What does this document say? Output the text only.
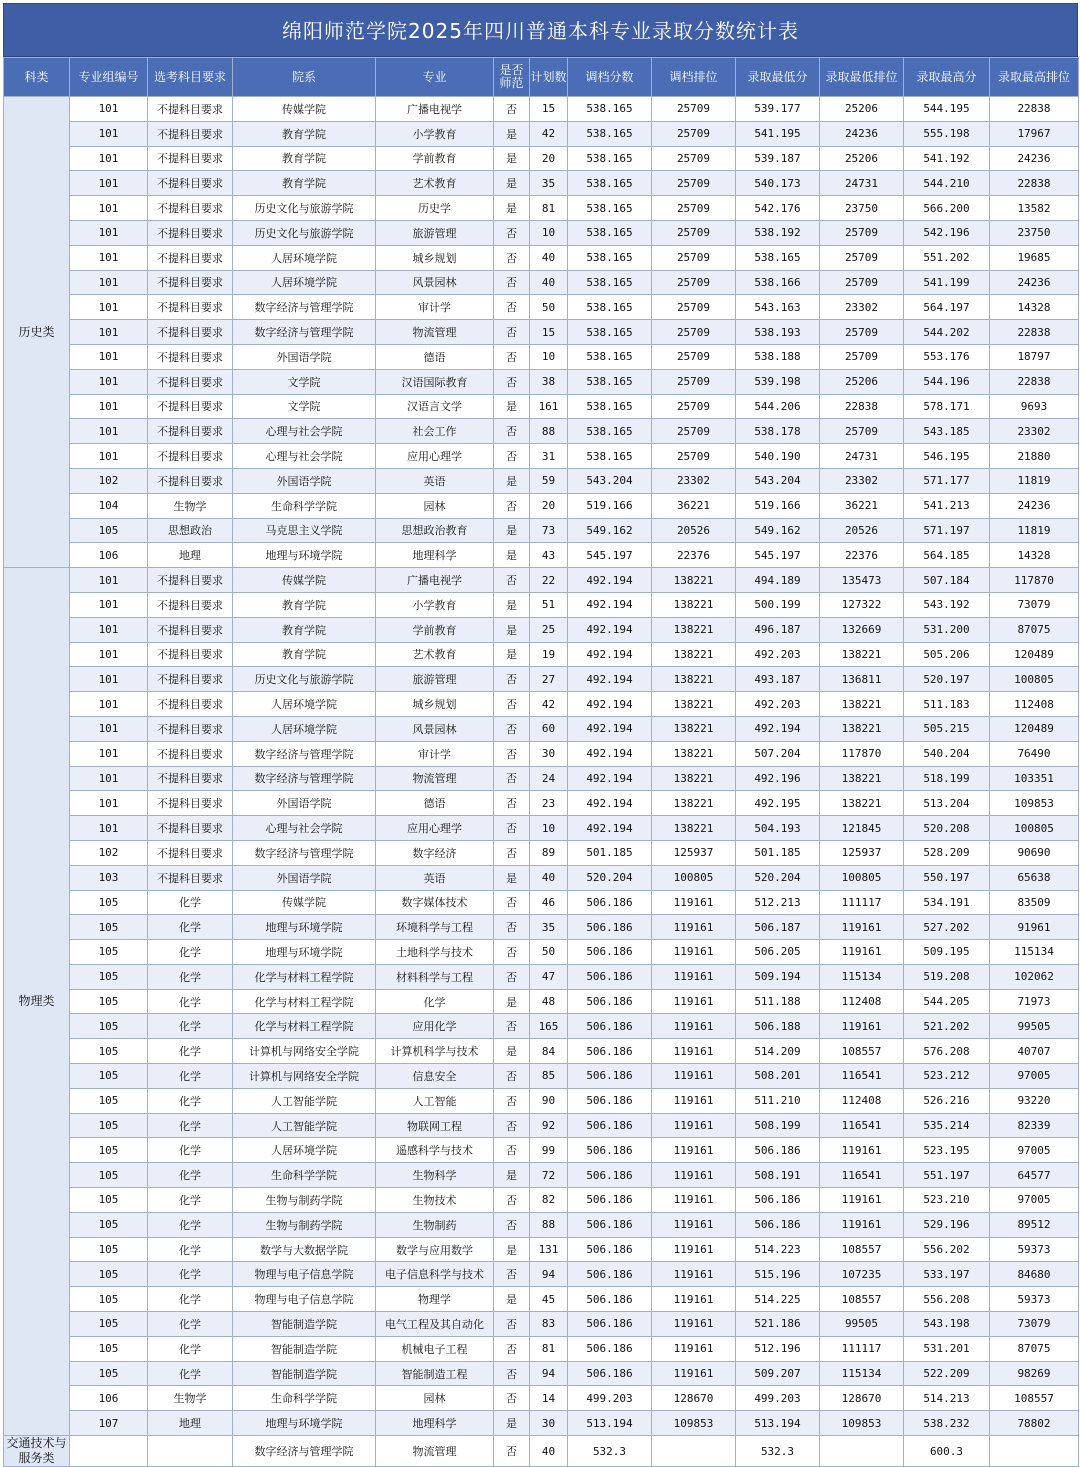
绵阳师范学院2025年四川普通本科专业录取分数统计表
科类	专业组编号	选考科目要求	院系	专业	是否师范	计划数	调档分数	调档排位	录取最低分	录取最低排位	录取最高分	录取最高排位
历史类	101	不提科目要求	传媒学院	广播电视学	否	15	538.165	25709	539.177	25206	544.195	22838
	101	不提科目要求	教育学院	小学教育	是	42	538.165	25709	541.195	24236	555.198	17967
	101	不提科目要求	教育学院	学前教育	是	20	538.165	25709	539.187	25206	541.192	24236
	101	不提科目要求	教育学院	艺术教育	是	35	538.165	25709	540.173	24731	544.210	22838
	101	不提科目要求	历史文化与旅游学院	历史学	是	81	538.165	25709	542.176	23750	566.200	13582
	101	不提科目要求	历史文化与旅游学院	旅游管理	否	10	538.165	25709	538.192	25709	542.196	23750
	101	不提科目要求	人居环境学院	城乡规划	否	40	538.165	25709	538.165	25709	551.202	19685
	101	不提科目要求	人居环境学院	风景园林	否	40	538.165	25709	538.166	25709	541.199	24236
	101	不提科目要求	数字经济与管理学院	审计学	否	50	538.165	25709	543.163	23302	564.197	14328
	101	不提科目要求	数字经济与管理学院	物流管理	否	15	538.165	25709	538.193	25709	544.202	22838
	101	不提科目要求	外国语学院	德语	否	10	538.165	25709	538.188	25709	553.176	18797
	101	不提科目要求	文学院	汉语国际教育	否	38	538.165	25709	539.198	25206	544.196	22838
	101	不提科目要求	文学院	汉语言文学	是	161	538.165	25709	544.206	22838	578.171	9693
	101	不提科目要求	心理与社会学院	社会工作	否	88	538.165	25709	538.178	25709	543.185	23302
	101	不提科目要求	心理与社会学院	应用心理学	否	31	538.165	25709	540.190	24731	546.195	21880
	102	不提科目要求	外国语学院	英语	是	59	543.204	23302	543.204	23302	571.177	11819
	104	生物学	生命科学学院	园林	否	20	519.166	36221	519.166	36221	541.213	24236
	105	思想政治	马克思主义学院	思想政治教育	是	73	549.162	20526	549.162	20526	571.197	11819
	106	地理	地理与环境学院	地理科学	是	43	545.197	22376	545.197	22376	564.185	14328
物理类	101	不提科目要求	传媒学院	广播电视学	否	22	492.194	138221	494.189	135473	507.184	117870
	101	不提科目要求	教育学院	小学教育	是	51	492.194	138221	500.199	127322	543.192	73079
	101	不提科目要求	教育学院	学前教育	是	25	492.194	138221	496.187	132669	531.200	87075
	101	不提科目要求	教育学院	艺术教育	是	19	492.194	138221	492.203	138221	505.206	120489
	101	不提科目要求	历史文化与旅游学院	旅游管理	否	27	492.194	138221	493.187	136811	520.197	100805
	101	不提科目要求	人居环境学院	城乡规划	否	42	492.194	138221	492.203	138221	511.183	112408
	101	不提科目要求	人居环境学院	风景园林	否	60	492.194	138221	492.194	138221	505.215	120489
	101	不提科目要求	数字经济与管理学院	审计学	否	30	492.194	138221	507.204	117870	540.204	76490
	101	不提科目要求	数字经济与管理学院	物流管理	否	24	492.194	138221	492.196	138221	518.199	103351
	101	不提科目要求	外国语学院	德语	否	23	492.194	138221	492.195	138221	513.204	109853
	101	不提科目要求	心理与社会学院	应用心理学	否	10	492.194	138221	504.193	121845	520.208	100805
	102	不提科目要求	数字经济与管理学院	数字经济	否	89	501.185	125937	501.185	125937	528.209	90690
	103	不提科目要求	外国语学院	英语	是	40	520.204	100805	520.204	100805	550.197	65638
	105	化学	传媒学院	数字媒体技术	否	46	506.186	119161	512.213	111117	534.191	83509
	105	化学	地理与环境学院	环境科学与工程	否	35	506.186	119161	506.187	119161	527.202	91961
	105	化学	地理与环境学院	土地科学与技术	否	50	506.186	119161	506.205	119161	509.195	115134
	105	化学	化学与材料工程学院	材料科学与工程	否	47	506.186	119161	509.194	115134	519.208	102062
	105	化学	化学与材料工程学院	化学	是	48	506.186	119161	511.188	112408	544.205	71973
	105	化学	化学与材料工程学院	应用化学	否	165	506.186	119161	506.188	119161	521.202	99505
	105	化学	计算机与网络安全学院	计算机科学与技术	是	84	506.186	119161	514.209	108557	576.208	40707
	105	化学	计算机与网络安全学院	信息安全	否	85	506.186	119161	508.201	116541	523.212	97005
	105	化学	人工智能学院	人工智能	否	90	506.186	119161	511.210	112408	526.216	93220
	105	化学	人工智能学院	物联网工程	否	92	506.186	119161	508.199	116541	535.214	82339
	105	化学	人居环境学院	遥感科学与技术	否	99	506.186	119161	506.186	119161	523.195	97005
	105	化学	生命科学学院	生物科学	是	72	506.186	119161	508.191	116541	551.197	64577
	105	化学	生物与制药学院	生物技术	否	82	506.186	119161	506.186	119161	523.210	97005
	105	化学	生物与制药学院	生物制药	否	88	506.186	119161	506.186	119161	529.196	89512
	105	化学	数学与大数据学院	数学与应用数学	是	131	506.186	119161	514.223	108557	556.202	59373
	105	化学	物理与电子信息学院	电子信息科学与技术	否	94	506.186	119161	515.196	107235	533.197	84680
	105	化学	物理与电子信息学院	物理学	是	45	506.186	119161	514.225	108557	556.208	59373
	105	化学	智能制造学院	电气工程及其自动化	否	83	506.186	119161	521.186	99505	543.198	73079
	105	化学	智能制造学院	机械电子工程	否	81	506.186	119161	512.196	111117	531.201	87075
	105	化学	智能制造学院	智能制造工程	否	94	506.186	119161	509.207	115134	522.209	98269
	106	生物学	生命科学学院	园林	否	14	499.203	128670	499.203	128670	514.213	108557
	107	地理	地理与环境学院	地理科学	是	30	513.194	109853	513.194	109853	538.232	78802
交通技术与服务类			数字经济与管理学院	物流管理	否	40	532.3		532.3		600.3	
